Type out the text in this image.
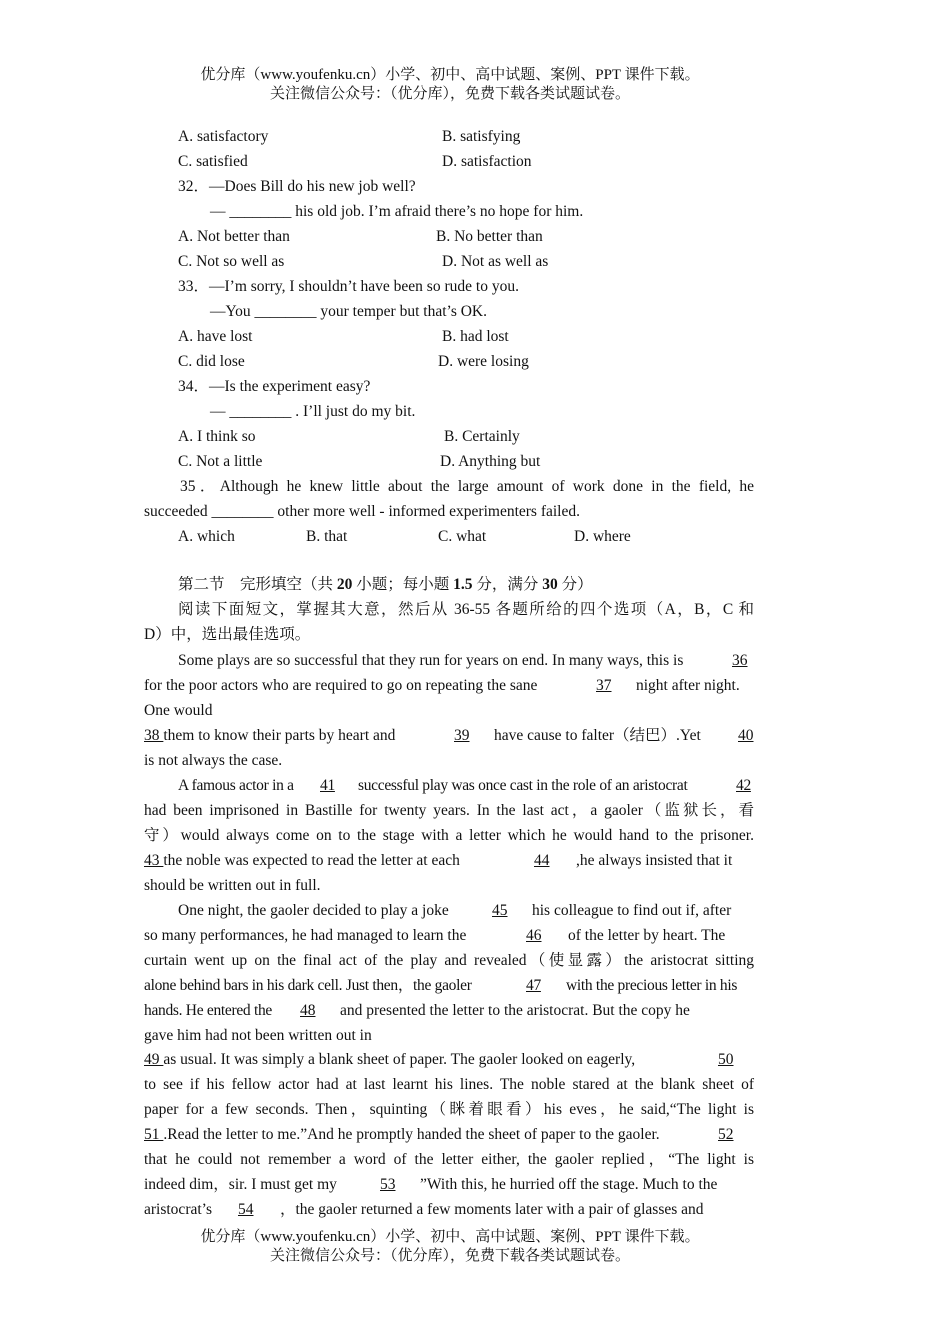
优分库（www.youfenku.cn）小学、初中、高中试题、案例、PPT 课件下载。
关注微信公众号：（优分库），免费下载各类试题试卷。
A. satisfactory	B. satisfying
C. satisfied	D. satisfaction
32．—Does Bill do his new job well?
— ________ his old job. I’m afraid there’s no hope for him.
A. Not better than	B. No better than
C. Not so well as	D. Not as well as
33．—I’m sorry, I shouldn’t have been so rude to you.
—You ________ your temper but that’s OK.
A. have lost	B. had lost
C. did lose	D. were losing
34．—Is the experiment easy?
— ________ . I’ll just do my bit.
A. I think so	B. Certainly
C. Not a little	D. Anything but
35．Although he knew little about the large amount of work done in the field, he
succeeded ________ other more well - informed experimenters failed.
A. which	B. that	C. what	D. where
第二节　完形填空（共 20 小题；每小题 1.5 分，满分 30 分）
阅读下面短文，掌握其大意，然后从 36-55 各题所给的四个选项（A，B，C 和
D）中，选出最佳选项。
Some plays are so successful that they run for years on end. In many ways, this is	36
for the poor actors who are required to go on repeating the sane	37 night after night.
One would
38 them to know their parts by heart and	39 have cause to falter（结巴）.Yet 40
is not always the case.
A famous actor in a 41 successful play was once cast in the role of an aristocrat	42
had been imprisoned in Bastille for twenty years. In the last act，a gaoler（监狱长，看
守）would always come on to the stage with a letter which he would hand to the prisoner.
43 the noble was expected to read the letter at each	44 ,he always insisted that it
should be written out in full.
One night, the gaoler decided to play a joke	45 his colleague to find out if, after
so many performances, he had managed to learn the	46 of the letter by heart. The
curtain went up on the final act of the play and revealed（使显露）the aristocrat sitting
alone behind bars in his dark cell. Just then，the gaoler	47 with the precious letter in his
hands. He entered the 48 and presented the letter to the aristocrat. But the copy he
gave him had not been written out in
49 as usual. It was simply a blank sheet of paper. The gaoler looked on eagerly,	50
to see if his fellow actor had at last learnt his lines. The noble stared at the blank sheet of
paper for a few seconds. Then，squinting（眯着眼看）his eves，he said,“The light is
51 .Read the letter to me.”And he promptly handed the sheet of paper to the gaoler.	52
that he could not remember a word of the letter either, the gaoler replied，“The light is
indeed dim，sir. I must get my	53 ”With this, he hurried off the stage. Much to the
aristocrat’s 54 ，the gaoler returned a few moments later with a pair of glasses and
优分库（www.youfenku.cn）小学、初中、高中试题、案例、PPT 课件下载。
关注微信公众号：（优分库），免费下载各类试题试卷。
